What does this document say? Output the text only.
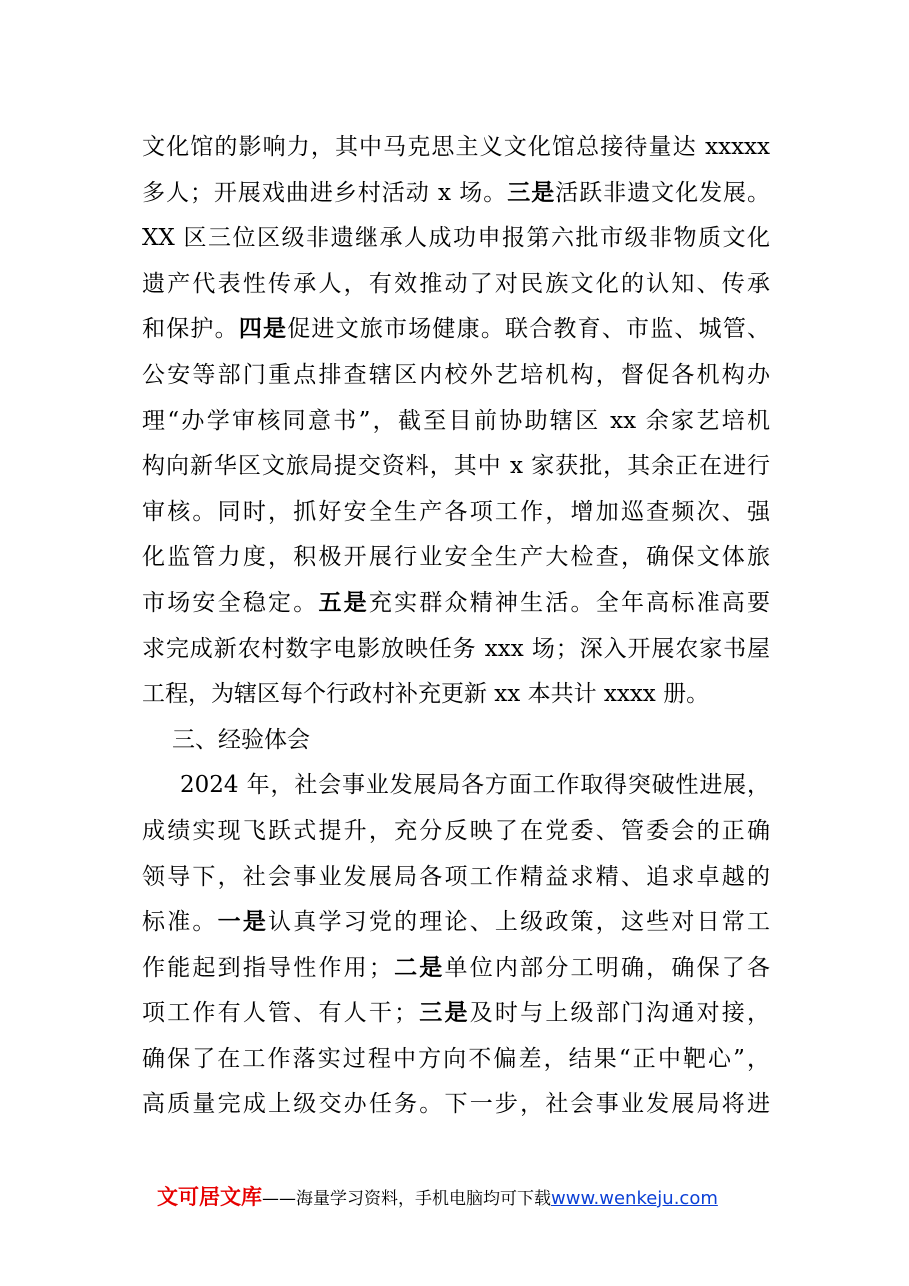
文化馆的影响力，其中马克思主义文化馆总接待量达 xxxxx
多人；开展戏曲进乡村活动 x 场。三是活跃非遗文化发展。
XX 区三位区级非遗继承人成功申报第六批市级非物质文化
遗产代表性传承人，有效推动了对民族文化的认知、传承
和保护。四是促进文旅市场健康。联合教育、市监、城管、
公安等部门重点排查辖区内校外艺培机构，督促各机构办
理“办学审核同意书”，截至目前协助辖区 xx 余家艺培机
构向新华区文旅局提交资料，其中 x 家获批，其余正在进行
审核。同时，抓好安全生产各项工作，增加巡查频次、强
化监管力度，积极开展行业安全生产大检查，确保文体旅
市场安全稳定。五是充实群众精神生活。全年高标准高要
求完成新农村数字电影放映任务 xxx 场；深入开展农家书屋
工程，为辖区每个行政村补充更新 xx 本共计 xxxx 册。
三、经验体会
2024 年，社会事业发展局各方面工作取得突破性进展，
成绩实现飞跃式提升，充分反映了在党委、管委会的正确
领导下，社会事业发展局各项工作精益求精、追求卓越的
标准。一是认真学习党的理论、上级政策，这些对日常工
作能起到指导性作用；二是单位内部分工明确，确保了各
项工作有人管、有人干；三是及时与上级部门沟通对接，
确保了在工作落实过程中方向不偏差，结果“正中靶心”，
高质量完成上级交办任务。下一步，社会事业发展局将进
文可居文库——海量学习资料，手机电脑均可下载www.wenkeju.com
